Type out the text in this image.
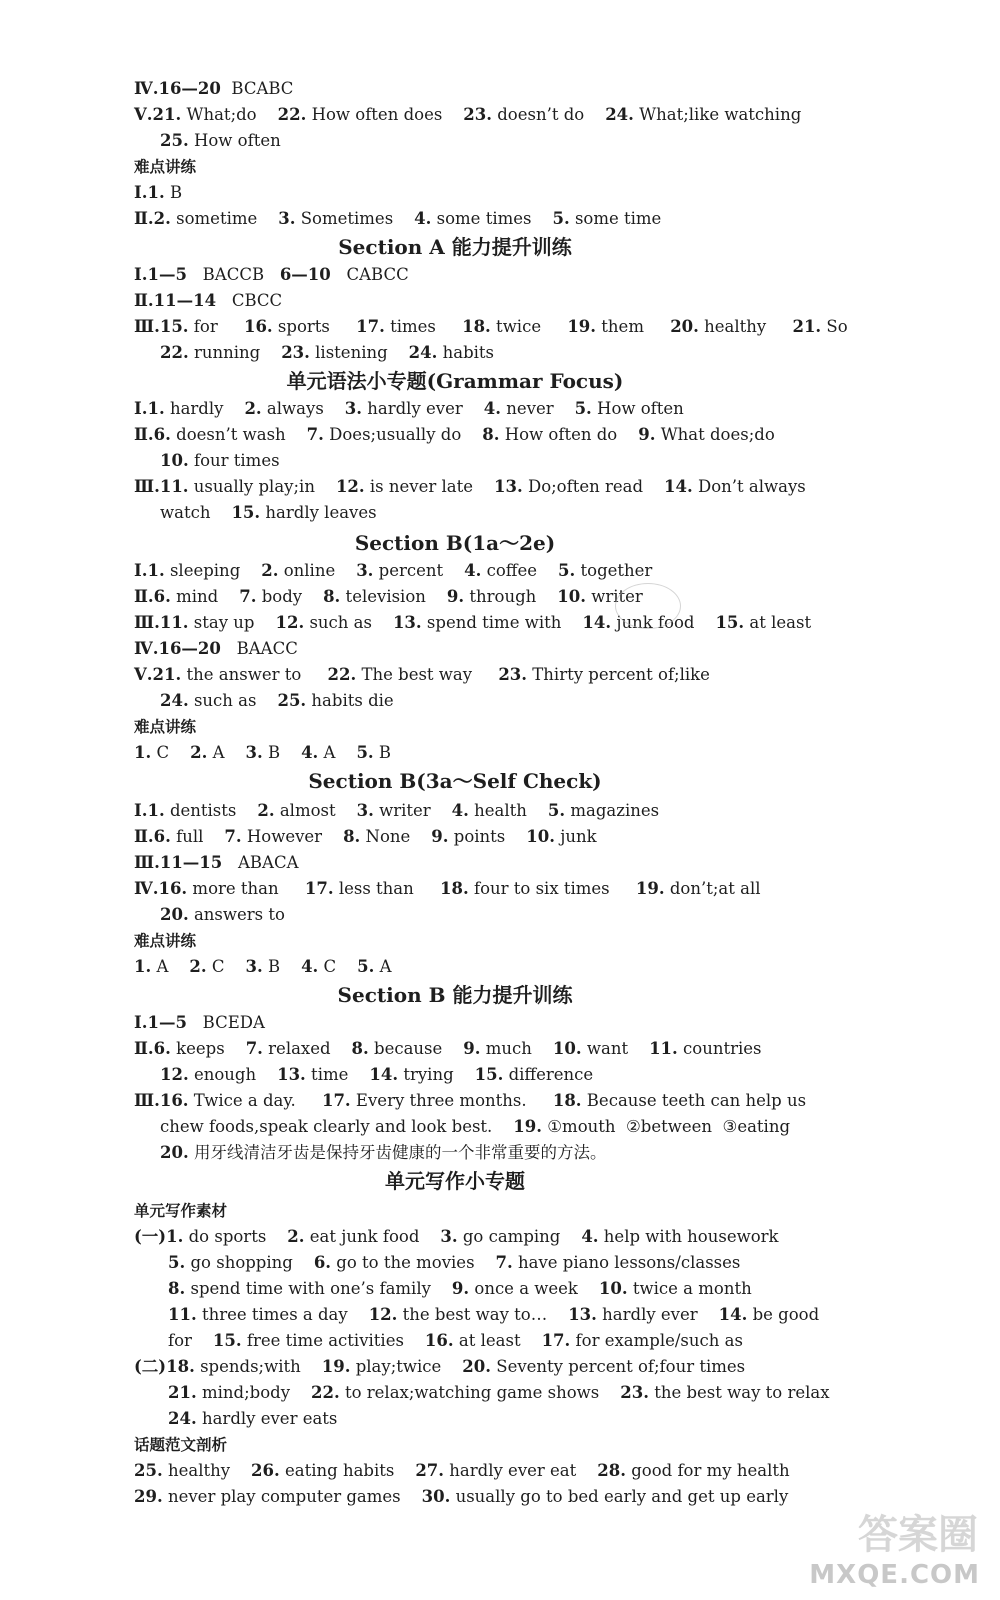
Ⅳ.16—20  BCABC
Ⅴ.21. What;do    22. How often does    23. doesn’t do    24. What;like watching
25. How often
难点讲练
Ⅰ.1. B
Ⅱ.2. sometime    3. Sometimes    4. some times    5. some time
Section A 能力提升训练
Ⅰ.1—5   BACCB   6—10   CABCC
Ⅱ.11—14   CBCC
Ⅲ.15. for     16. sports     17. times     18. twice     19. them     20. healthy     21. So
22. running    23. listening    24. habits
单元语法小专题(Grammar Focus)
Ⅰ.1. hardly    2. always    3. hardly ever    4. never    5. How often
Ⅱ.6. doesn’t wash    7. Does;usually do    8. How often do    9. What does;do
10. four times
Ⅲ.11. usually play;in    12. is never late    13. Do;often read    14. Don’t always
watch    15. hardly leaves
Section B(1a～2e)
Ⅰ.1. sleeping    2. online    3. percent    4. coffee    5. together
Ⅱ.6. mind    7. body    8. television    9. through    10. writer
Ⅲ.11. stay up    12. such as    13. spend time with    14. junk food    15. at least
Ⅳ.16—20   BAACC
Ⅴ.21. the answer to     22. The best way     23. Thirty percent of;like
24. such as    25. habits die
难点讲练
1. C    2. A    3. B    4. A    5. B
Section B(3a～Self Check)
Ⅰ.1. dentists    2. almost    3. writer    4. health    5. magazines
Ⅱ.6. full    7. However    8. None    9. points    10. junk
Ⅲ.11—15   ABACA
Ⅳ.16. more than     17. less than     18. four to six times     19. don’t;at all
20. answers to
难点讲练
1. A    2. C    3. B    4. C    5. A
Section B 能力提升训练
Ⅰ.1—5   BCEDA
Ⅱ.6. keeps    7. relaxed    8. because    9. much    10. want    11. countries
12. enough    13. time    14. trying    15. difference
Ⅲ.16. Twice a day.     17. Every three months.     18. Because teeth can help us
chew foods,speak clearly and look best.    19. ①mouth  ②between  ③eating
20. 用牙线清洁牙齿是保持牙齿健康的一个非常重要的方法。
单元写作小专题
单元写作素材
(一)1. do sports    2. eat junk food    3. go camping    4. help with housework
5. go shopping    6. go to the movies    7. have piano lessons/classes
8. spend time with one’s family    9. once a week    10. twice a month
11. three times a day    12. the best way to…    13. hardly ever    14. be good
for    15. free time activities    16. at least    17. for example/such as
(二)18. spends;with    19. play;twice    20. Seventy percent of;four times
21. mind;body    22. to relax;watching game shows    23. the best way to relax
24. hardly ever eats
话题范文剖析
25. healthy    26. eating habits    27. hardly ever eat    28. good for my health
29. never play computer games    30. usually go to bed early and get up early
答案圈
MXQE.COM
